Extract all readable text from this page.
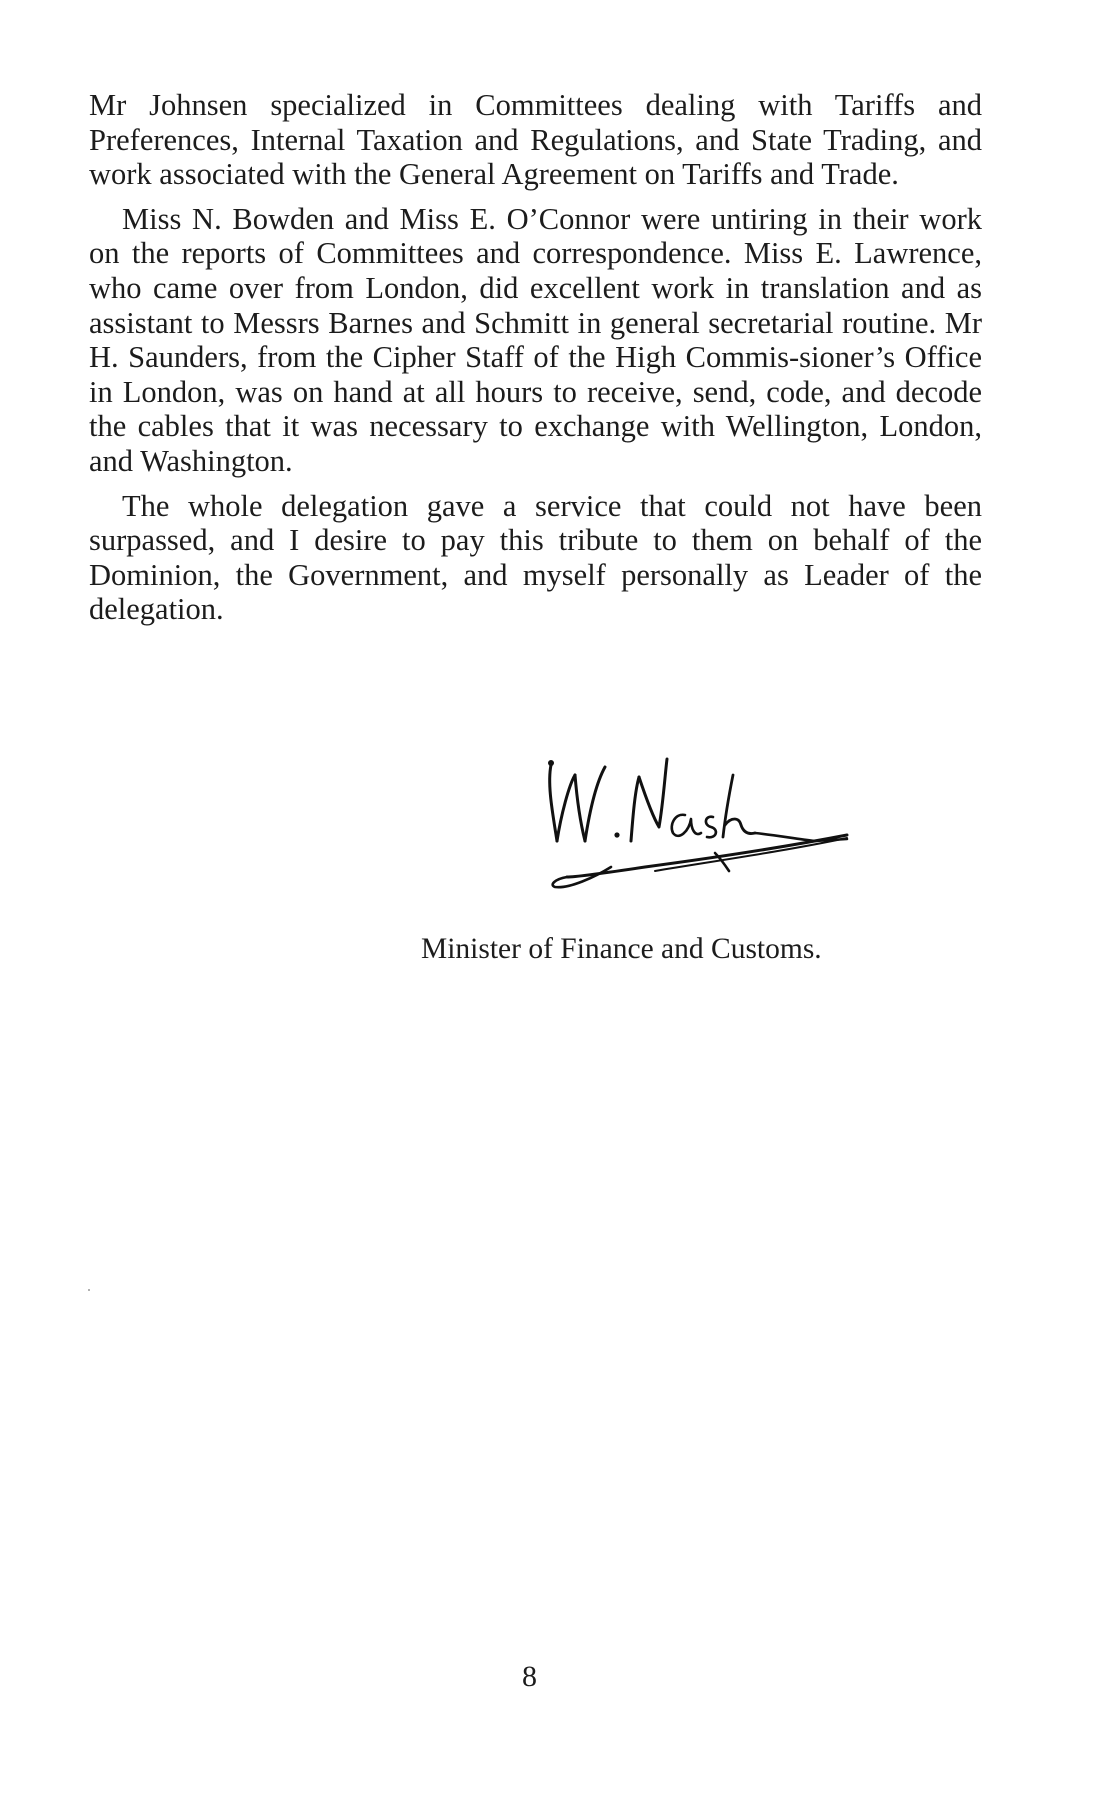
Mr Johnsen specialized in Committees dealing with Tariffs and Preferences, Internal Taxation and Regulations, and State Trading, and work associated with the General Agreement on Tariffs and Trade.

Miss N. Bowden and Miss E. O’Connor were untiring in their work on the reports of Committees and correspondence. Miss E. Lawrence, who came over from London, did excellent work in translation and as assistant to Messrs Barnes and Schmitt in general secretarial routine. Mr H. Saunders, from the Cipher Staff of the High Commis-sioner’s Office in London, was on hand at all hours to receive, send, code, and decode the cables that it was necessary to exchange with Wellington, London, and Washington.

The whole delegation gave a service that could not have been surpassed, and I desire to pay this tribute to them on behalf of the Dominion, the Government, and myself personally as Leader of the delegation.

Minister of Finance and Customs.
8
